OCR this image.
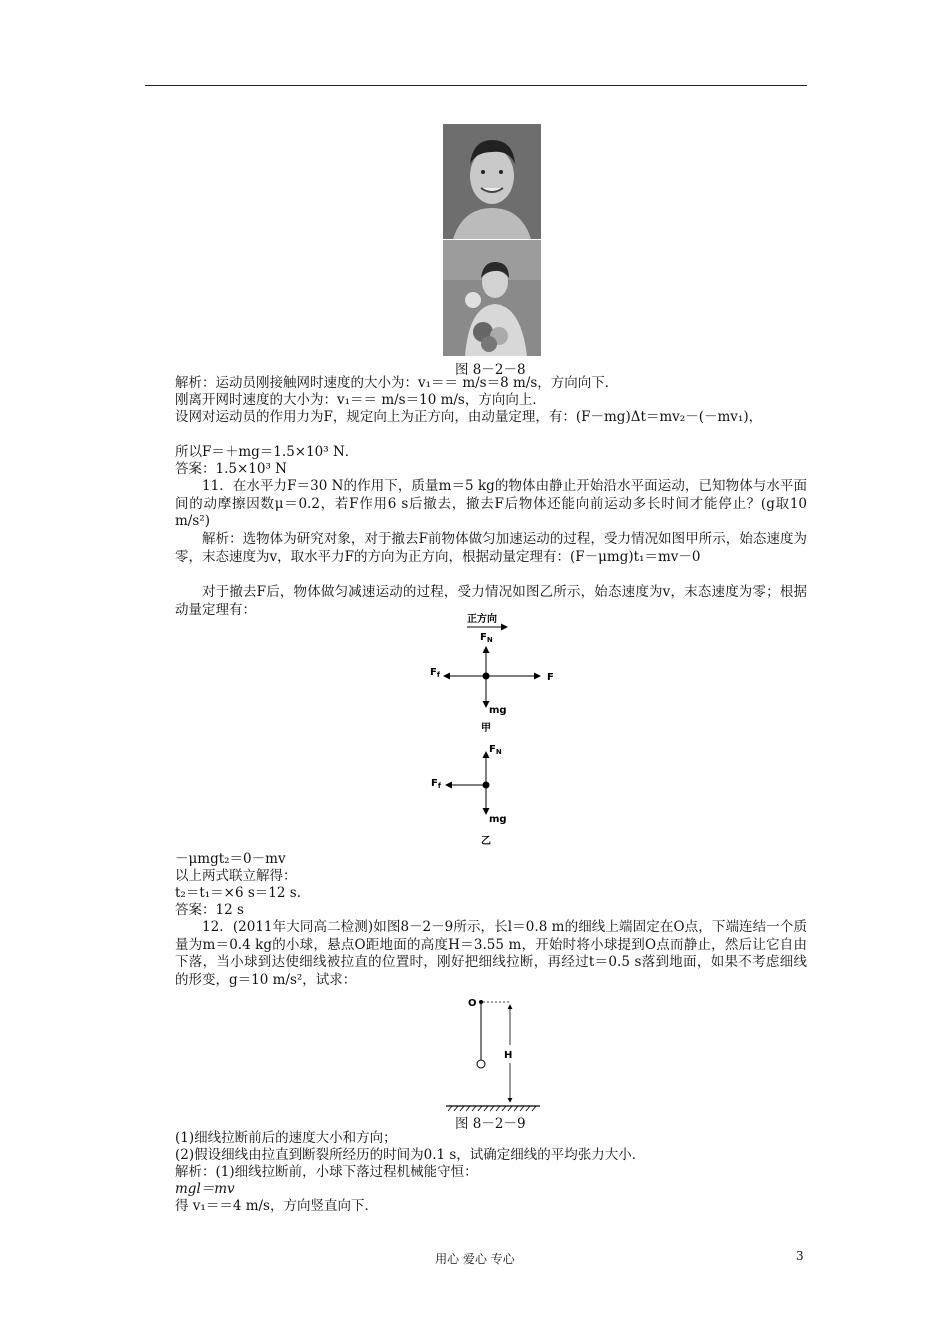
图 8－2－8
解析：运动员刚接触网时速度的大小为：v₁＝＝ m/s＝8 m/s，方向向下．
刚离开网时速度的大小为：v₁＝＝ m/s＝10 m/s，方向向上．
设网对运动员的作用力为F，规定向上为正方向，由动量定理，有：(F－mg)Δt＝mv₂－(－mv₁)，
所以F＝＋mg＝1.5×10³ N．
答案：1.5×10³ N
11．在水平力F＝30 N的作用下，质量m＝5 kg的物体由静止开始沿水平面运动，已知物体与水平面间的动摩擦因数μ＝0.2，若F作用6 s后撤去，撤去F后物体还能向前运动多长时间才能停止？(g取10 m/s²)
解析：选物体为研究对象，对于撤去F前物体做匀加速运动的过程，受力情况如图甲所示，始态速度为零，末态速度为v，取水平力F的方向为正方向，根据动量定理有：(F－μmg)t₁＝mv－0
对于撤去F后，物体做匀减速运动的过程，受力情况如图乙所示，始态速度为v，末态速度为零；根据动量定理有：
正方向
$F_N$
$F_f$	F
mg
甲
$F_N$
$F_f$
mg
乙
－μmgt₂＝0－mv
以上两式联立解得：
t₂＝t₁＝×6 s＝12 s．
答案：12 s
12．(2011年大同高二检测)如图8－2－9所示，长l＝0.8 m的细线上端固定在O点，下端连结一个质量为m＝0.4 kg的小球，悬点O距地面的高度H＝3.55 m，开始时将小球提到O点而静止，然后让它自由下落，当小球到达使细线被拉直的位置时，刚好把细线拉断，再经过t＝0.5 s落到地面，如果不考虑细线的形变，g＝10 m/s²，试求：
O
H
图 8－2－9
(1)细线拉断前后的速度大小和方向；
(2)假设细线由拉直到断裂所经历的时间为0.1 s，试确定细线的平均张力大小．
解析：(1)细线拉断前，小球下落过程机械能守恒：
mgl＝mv
得 v₁＝＝4 m/s，方向竖直向下．
用心 爱心 专心	3
